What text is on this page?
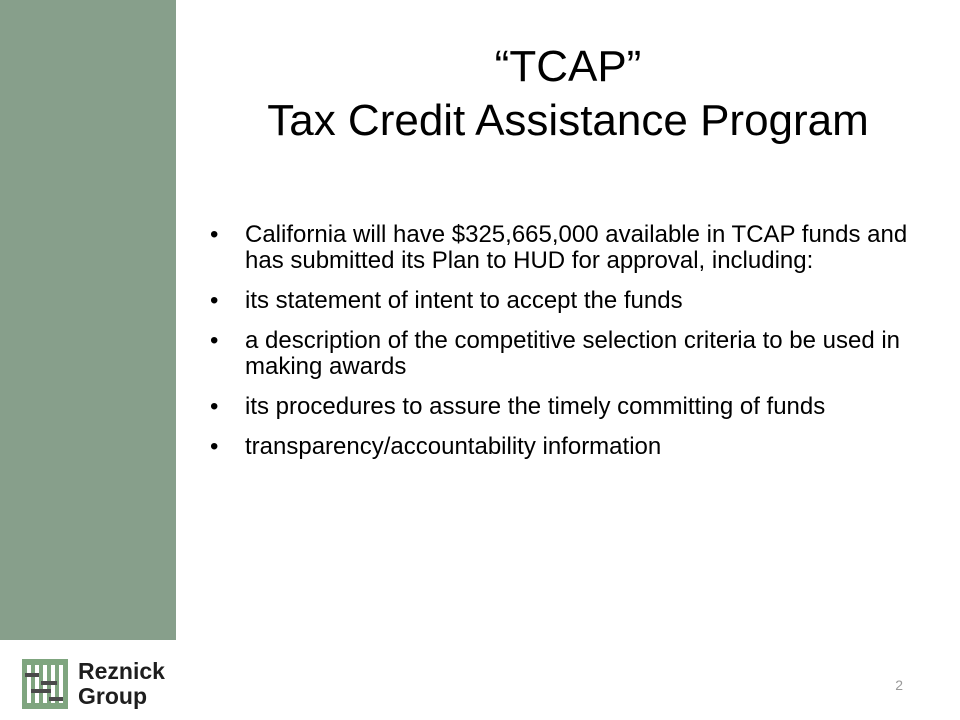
“TCAP”
Tax Credit Assistance Program
•	California will have $325,665,000 available in TCAP funds and has submitted its Plan to HUD for approval, including:
•	its statement of intent to accept the funds
•	a description of the competitive selection criteria to be used in making awards
•	its procedures to assure the timely committing of funds
•	transparency/accountability information
Reznick
Group	2
